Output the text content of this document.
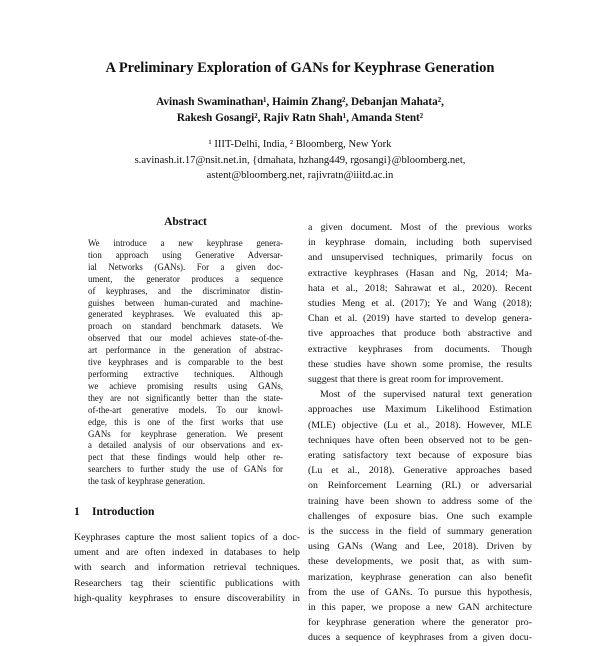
A Preliminary Exploration of GANs for Keyphrase Generation
Avinash Swaminathan¹, Haimin Zhang², Debanjan Mahata²,
Rakesh Gosangi², Rajiv Ratn Shah¹, Amanda Stent²
¹ IIIT-Delhi, India, ² Bloomberg, New York
s.avinash.it.17@nsit.net.in, {dmahata, hzhang449, rgosangi}@bloomberg.net,
astent@bloomberg.net, rajivratn@iiitd.ac.in
Abstract
We introduce a new keyphrase genera-
tion approach using Generative Adversar-
ial Networks (GANs). For a given doc-
ument, the generator produces a sequence
of keyphrases, and the discriminator distin-
guishes between human-curated and machine-
generated keyphrases. We evaluated this ap-
proach on standard benchmark datasets. We
observed that our model achieves state-of-the-
art performance in the generation of abstrac-
tive keyphrases and is comparable to the best
performing extractive techniques. Although
we achieve promising results using GANs,
they are not significantly better than the state-
of-the-art generative models. To our knowl-
edge, this is one of the first works that use
GANs for keyphrase generation. We present
a detailed analysis of our observations and ex-
pect that these findings would help other re-
searchers to further study the use of GANs for
the task of keyphrase generation.
1 Introduction
Keyphrases capture the most salient topics of a doc-
ument and are often indexed in databases to help
with search and information retrieval techniques.
Researchers tag their scientific publications with
high-quality keyphrases to ensure discoverability in
a given document. Most of the previous works
in keyphrase domain, including both supervised
and unsupervised techniques, primarily focus on
extractive keyphrases (Hasan and Ng, 2014; Ma-
hata et al., 2018; Sahrawat et al., 2020). Recent
studies Meng et al. (2017); Ye and Wang (2018);
Chan et al. (2019) have started to develop genera-
tive approaches that produce both abstractive and
extractive keyphrases from documents. Though
these studies have shown some promise, the results
suggest that there is great room for improvement.
Most of the supervised natural text generation
approaches use Maximum Likelihood Estimation
(MLE) objective (Lu et al., 2018). However, MLE
techniques have often been observed not to be gen-
erating satisfactory text because of exposure bias
(Lu et al., 2018). Generative approaches based
on Reinforcement Learning (RL) or adversarial
training have been shown to address some of the
challenges of exposure bias. One such example
is the success in the field of summary generation
using GANs (Wang and Lee, 2018). Driven by
these developments, we posit that, as with sum-
marization, keyphrase generation can also benefit
from the use of GANs. To pursue this hypothesis,
in this paper, we propose a new GAN architecture
for keyphrase generation where the generator pro-
duces a sequence of keyphrases from a given docu-
